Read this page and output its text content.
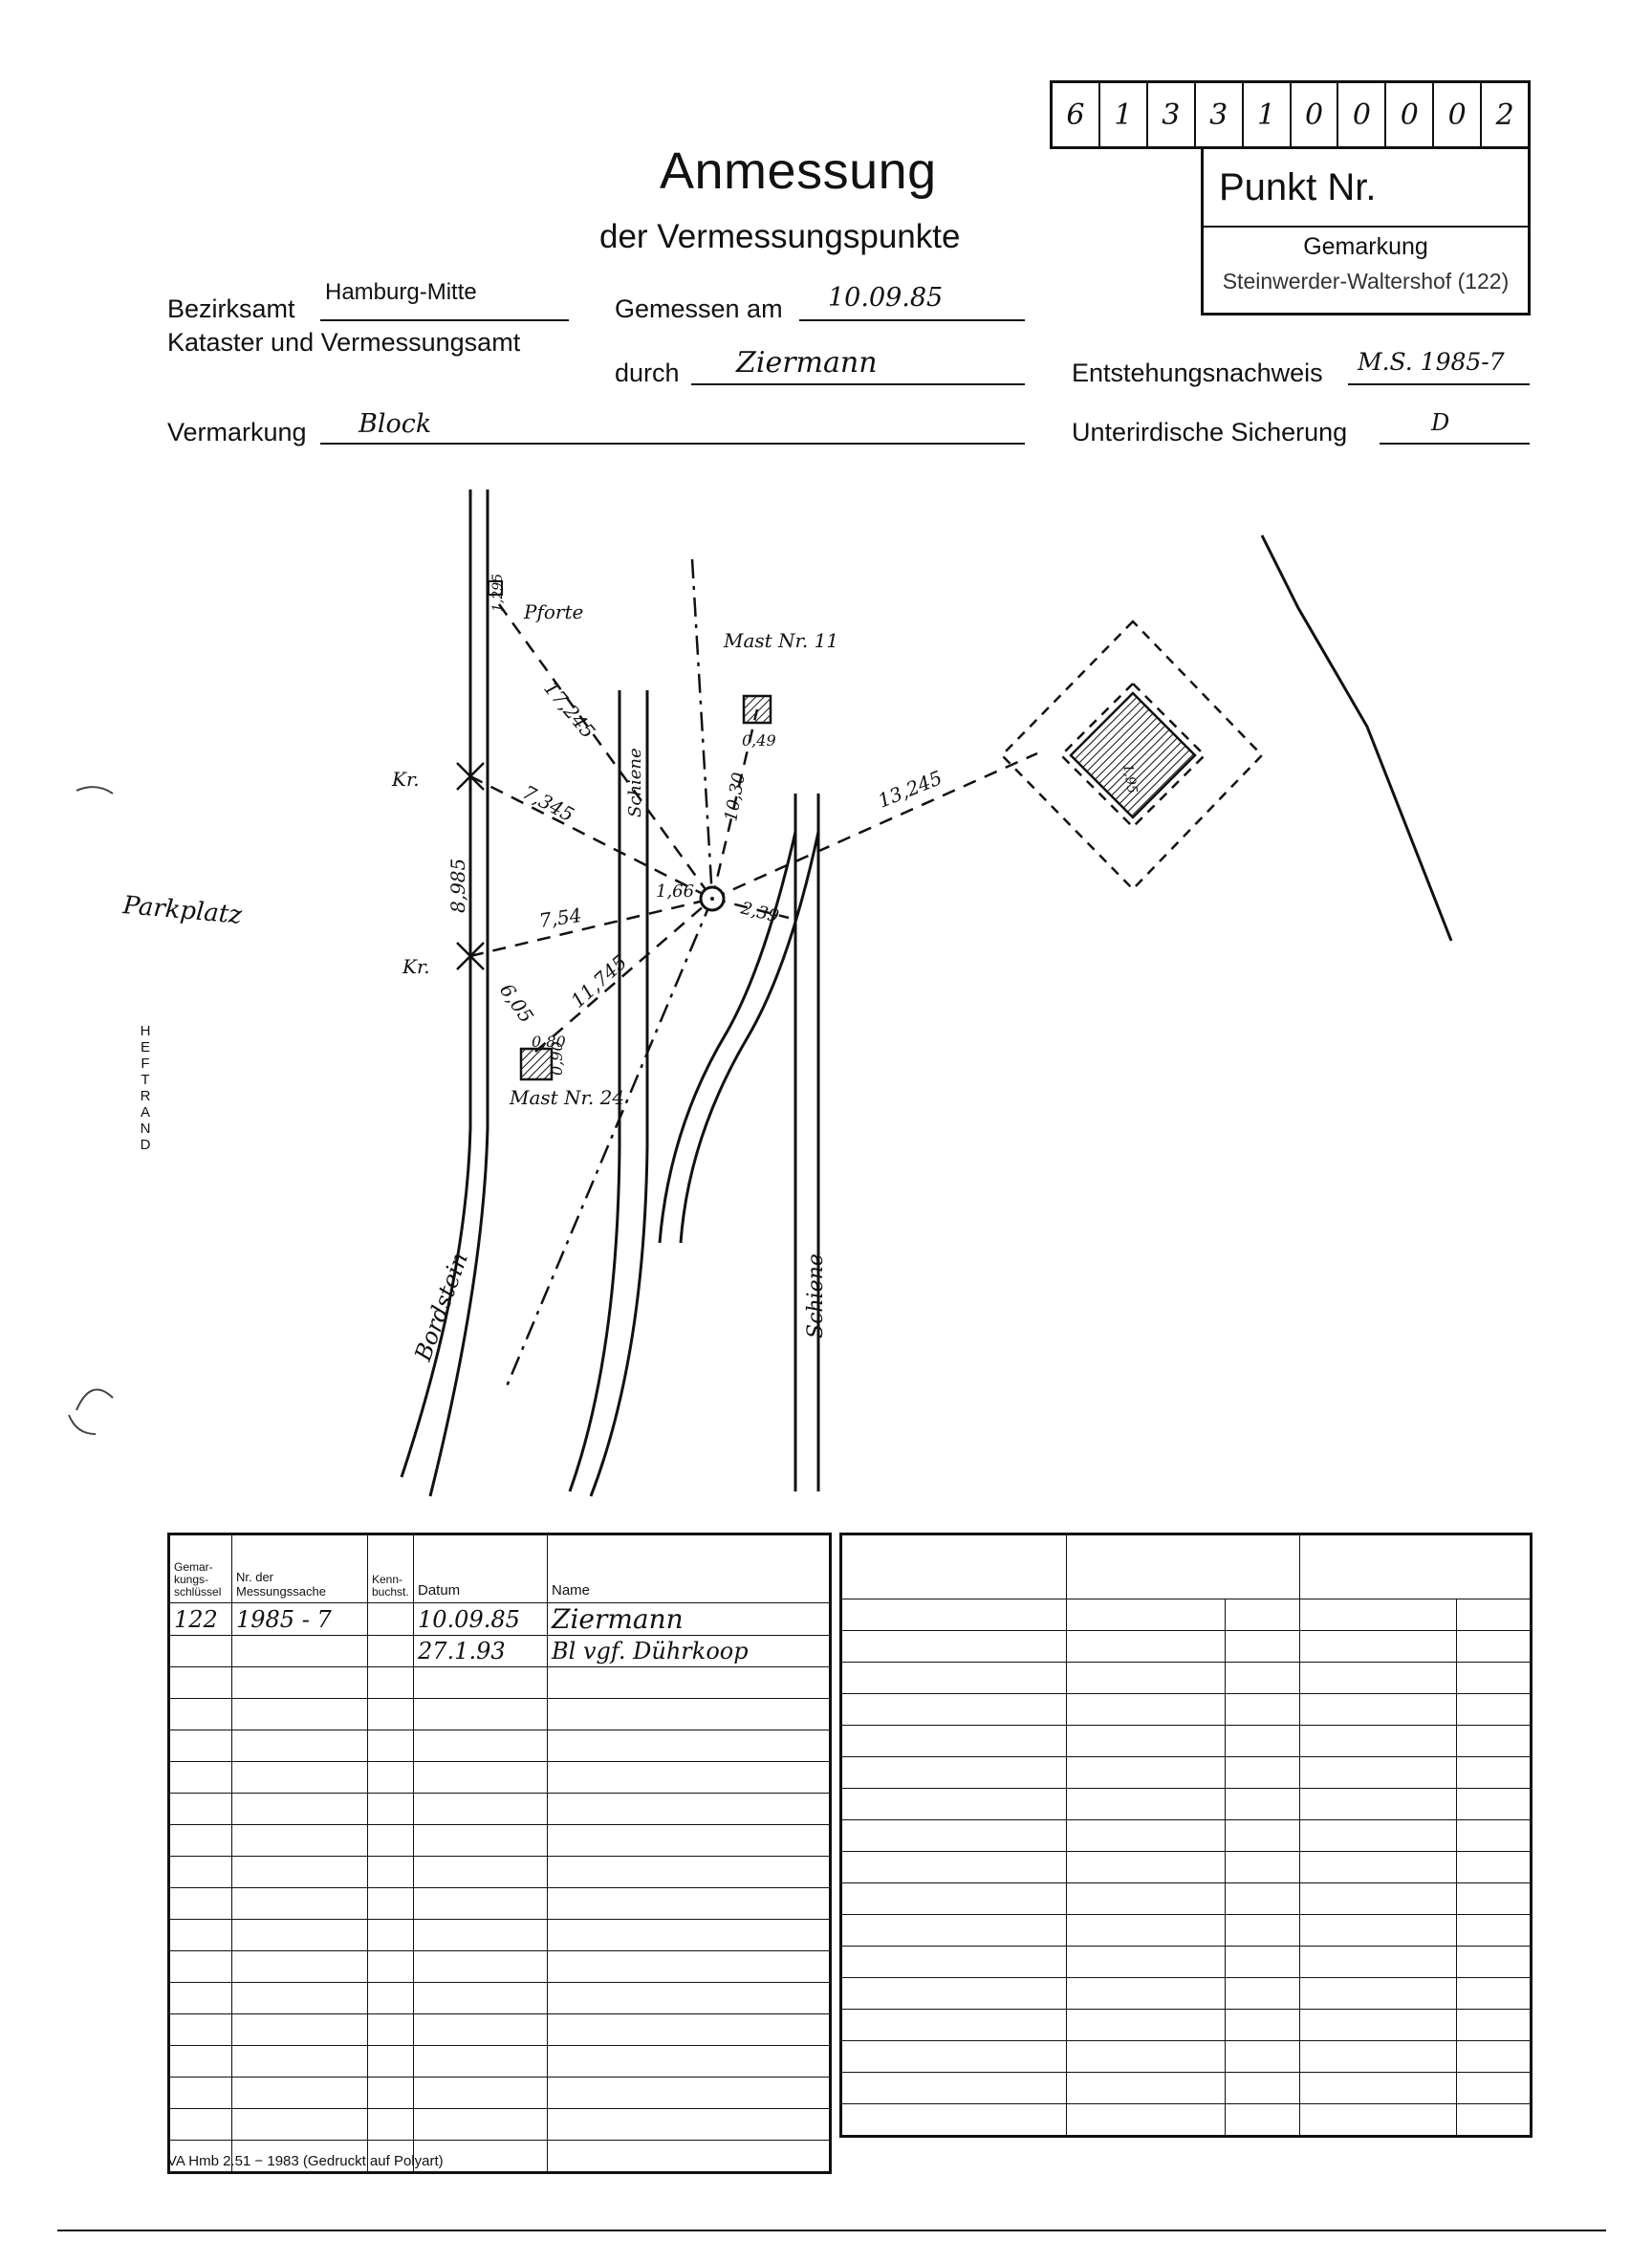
Anmessung
der Vermessungspunkte
6	1	3	3	1	0	0	0	0	2
Punkt Nr.
Gemarkung
Steinwerder-Waltershof (122)
Bezirksamt
Hamburg-Mitte
Kataster und Vermessungsamt
Gemessen am 10.09.85
durch Ziermann	Entstehungsnachweis M.S. 1985-7
Vermarkung Block	Unterirdische Sicherung	D
Pforte
Mast Nr. 11
Mast Nr. 24
Kr.
Kr.
Parkplatz
Bordstein
Schiene
Schiene
17,245
7,345
7,54
11,745
6,05
1,66
2,39
10,30	13,245
8,985
0,49
0,80
0,90
1,295
1,95
HEFTRAND
Gemar-kungs-schlüssel	Nr. der Messungssache	Kenn-buchst.	Datum	Name
122	1985 - 7		10.09.85	Ziermann
			27.1.93	Bl vgf. Dührkoop

VA Hmb 2.51 − 1983 (Gedruckt auf Polyart)
